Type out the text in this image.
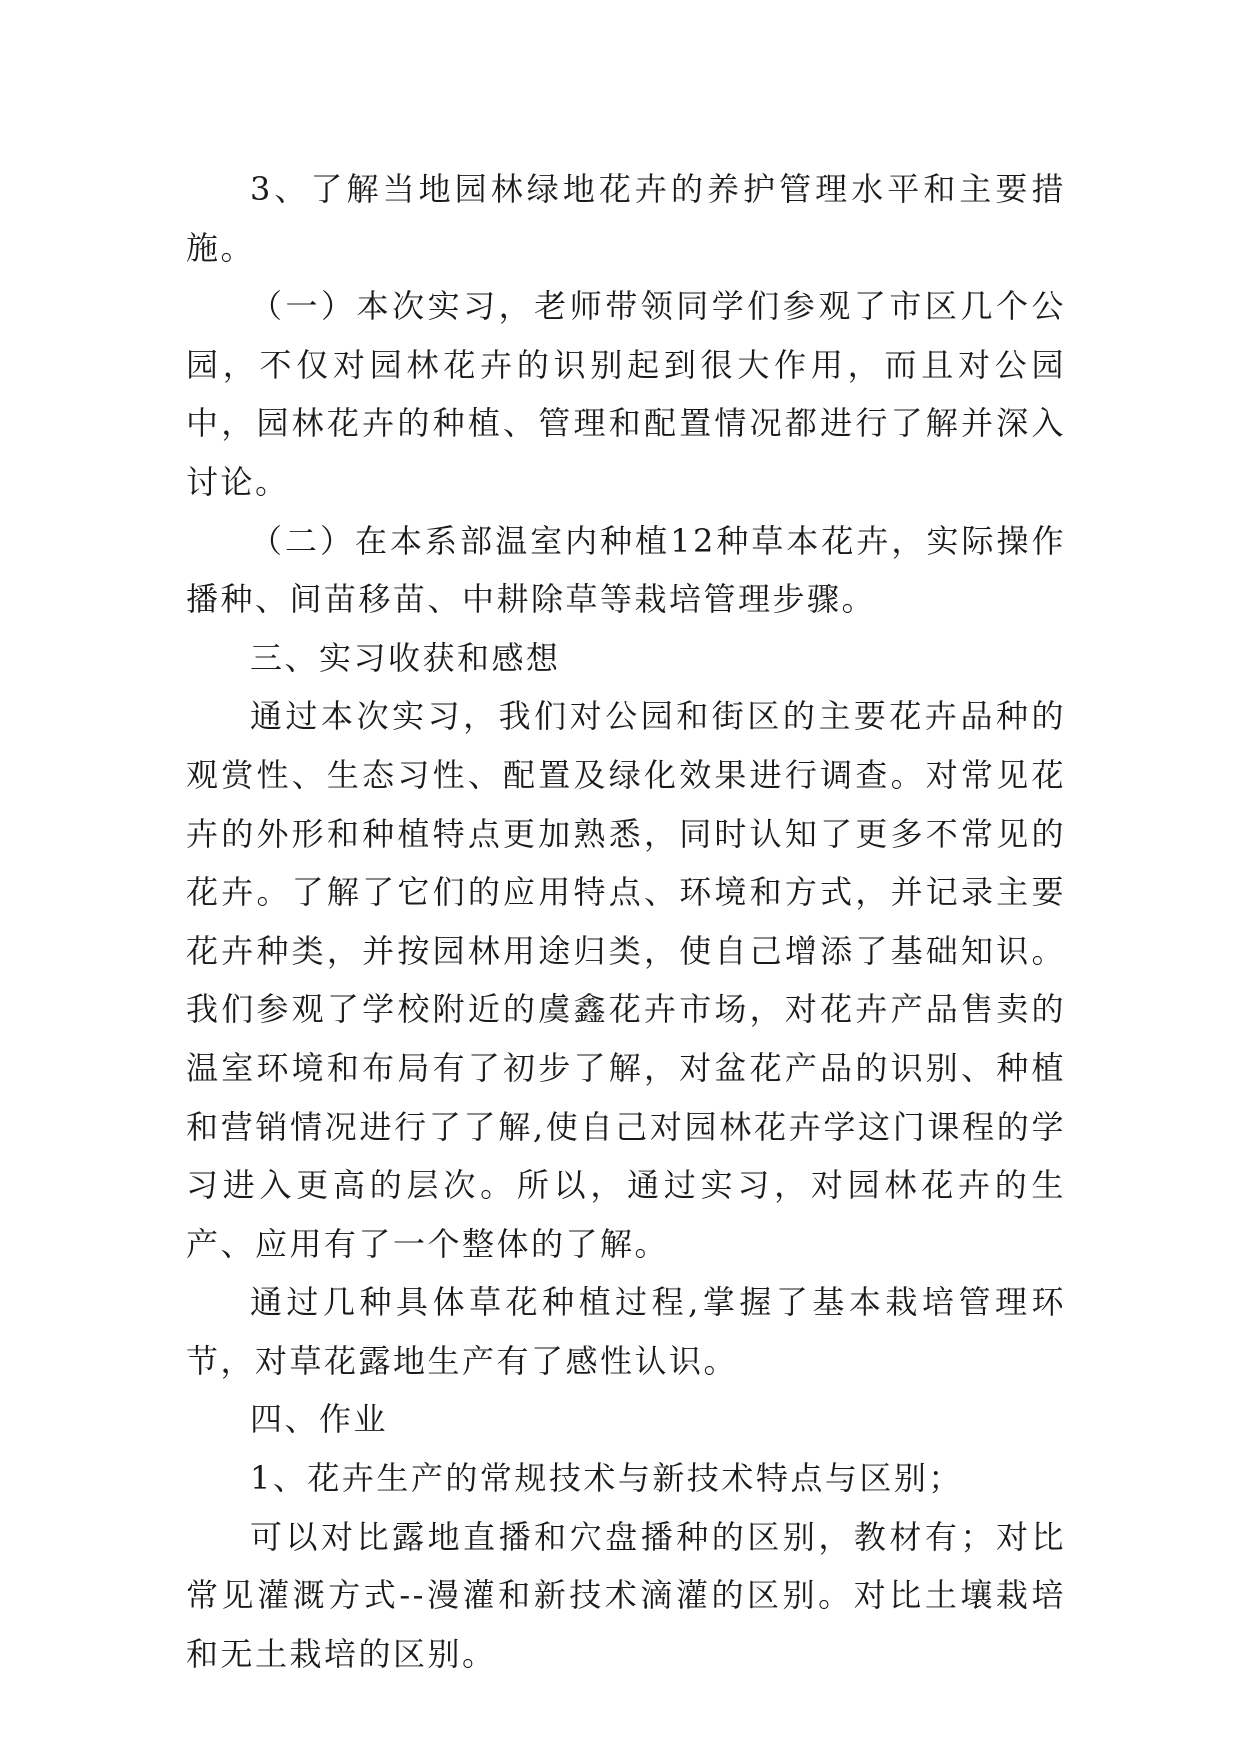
3、了解当地园林绿地花卉的养护管理水平和主要措施。

（一）本次实习，老师带领同学们参观了市区几个公园，不仅对园林花卉的识别起到很大作用，而且对公园中，园林花卉的种植、管理和配置情况都进行了解并深入讨论。

（二）在本系部温室内种植12种草本花卉，实际操作播种、间苗移苗、中耕除草等栽培管理步骤。

三、实习收获和感想

通过本次实习，我们对公园和街区的主要花卉品种的观赏性、生态习性、配置及绿化效果进行调查。对常见花卉的外形和种植特点更加熟悉，同时认知了更多不常见的花卉。了解了它们的应用特点、环境和方式，并记录主要花卉种类，并按园林用途归类，使自己增添了基础知识。我们参观了学校附近的虞鑫花卉市场，对花卉产品售卖的温室环境和布局有了初步了解，对盆花产品的识别、种植和营销情况进行了了解,使自己对园林花卉学这门课程的学习进入更高的层次。所以，通过实习，对园林花卉的生产、应用有了一个整体的了解。

通过几种具体草花种植过程,掌握了基本栽培管理环节，对草花露地生产有了感性认识。

四、作业

1、花卉生产的常规技术与新技术特点与区别；

可以对比露地直播和穴盘播种的区别，教材有；对比常见灌溉方式--漫灌和新技术滴灌的区别。对比土壤栽培和无土栽培的区别。
